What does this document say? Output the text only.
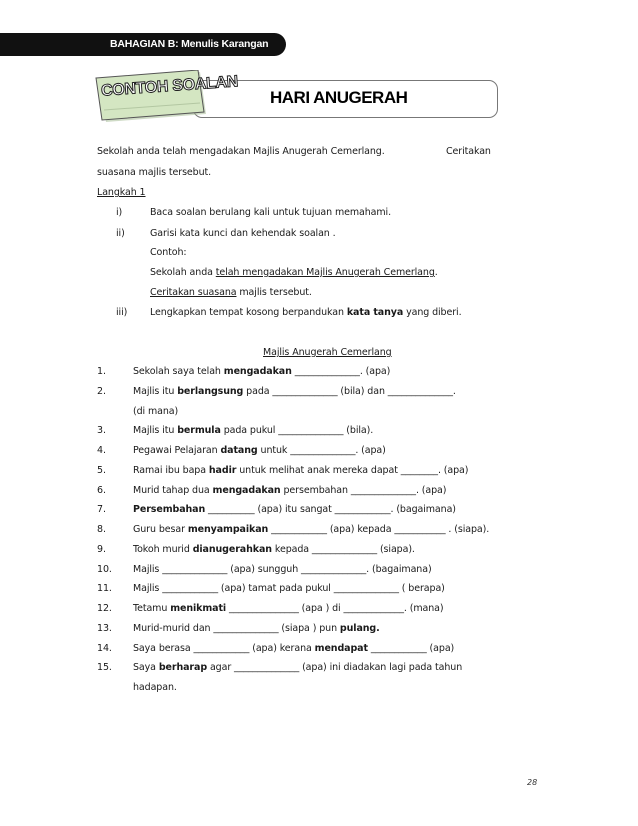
BAHAGIAN B: Menulis Karangan
HARI ANUGERAH
CONTOH SOALAN
Sekolah anda telah mengadakan Majlis Anugerah Cemerlang.	Ceritakan
suasana majlis tersebut.
Langkah 1
i)	Baca soalan berulang kali untuk tujuan memahami.
ii)	Garisi kata kunci dan kehendak soalan .
Contoh:
Sekolah anda telah mengadakan Majlis Anugerah Cemerlang.
Ceritakan suasana majlis tersebut.
iii) Lengkapkan tempat kosong berpandukan kata tanya yang diberi.
Majlis Anugerah Cemerlang
1.	Sekolah saya telah mengadakan ______________. (apa)
2.	Majlis itu berlangsung pada ______________ (bila) dan ______________.
(di mana)
3.	Majlis itu bermula pada pukul ______________ (bila).
4.	Pegawai Pelajaran datang untuk ______________. (apa)
5.	Ramai ibu bapa hadir untuk melihat anak mereka dapat ________. (apa)
6.	Murid tahap dua mengadakan persembahan ______________. (apa)
7.	Persembahan __________ (apa) itu sangat ____________. (bagaimana)
8.	Guru besar menyampaikan ____________ (apa) kepada ___________ . (siapa).
9.	Tokoh murid dianugerahkan kepada ______________ (siapa).
10. Majlis ______________ (apa) sungguh ______________. (bagaimana)
11. Majlis ____________ (apa) tamat pada pukul ______________ ( berapa)
12. Tetamu menikmati _______________ (apa ) di _____________. (mana)
13. Murid-murid dan ______________ (siapa ) pun pulang.
14. Saya berasa ____________ (apa) kerana mendapat ____________ (apa)
15. Saya berharap agar ______________ (apa) ini diadakan lagi pada tahun
hadapan.
28
